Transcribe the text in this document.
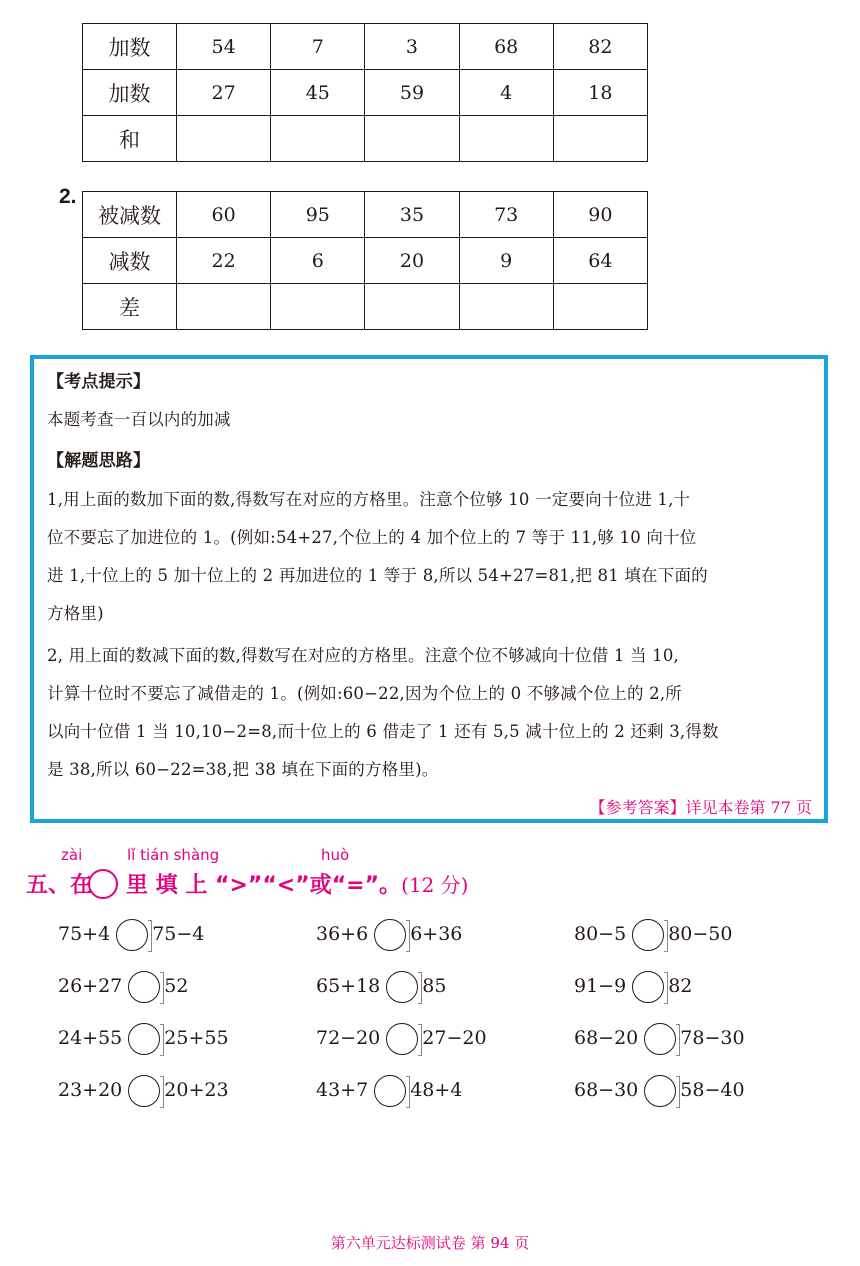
加数	54	7	3	68	82
加数	27	45	59	4	18
和					
2.
被减数	60	95	35	73	90
减数	22	6	20	9	64
差					
【考点提示】
本题考查一百以内的加减
【解题思路】
1,用上面的数加下面的数,得数写在对应的方格里。注意个位够 10 一定要向十位进 1,十
位不要忘了加进位的 1。(例如:54+27,个位上的 4 加个位上的 7 等于 11,够 10 向十位
进 1,十位上的 5 加十位上的 2 再加进位的 1 等于 8,所以 54+27=81,把 81 填在下面的
方格里)
2, 用上面的数减下面的数,得数写在对应的方格里。注意个位不够减向十位借 1 当 10,
计算十位时不要忘了减借走的 1。(例如:60−22,因为个位上的 0 不够减个位上的 2,所
以向十位借 1 当 10,10−2=8,而十位上的 6 借走了 1 还有 5,5 减十位上的 2 还剩 3,得数
是 38,所以 60−22=38,把 38 填在下面的方格里)。
【参考答案】详见本卷第 77 页
zài	lǐ tián shàng	huò
五、在 里 填 上 “>”“<”或“=”。(12 分)
75+4 75−4	36+6 6+36	80−5 80−50
26+27 52	65+18 85	91−9 82
24+55 25+55	72−20 27−20	68−20 78−30
23+20 20+23	43+7 48+4	68−30 58−40
第六单元达标测试卷 第 94 页
